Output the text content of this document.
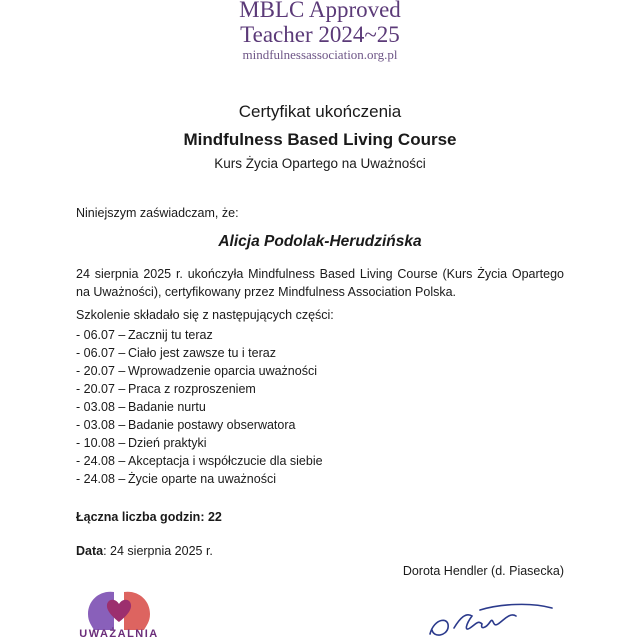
MBLC Approved
Teacher 2024~25
mindfulnessassociation.org.pl
Certyfikat ukończenia
Mindfulness Based Living Course
Kurs Życia Opartego na Uważności
Niniejszym zaświadczam, że:
Alicja Podolak-Herudzińska
24 sierpnia 2025 r. ukończyła Mindfulness Based Living Course (Kurs Życia Opartego na Uważności), certyfikowany przez Mindfulness Association Polska.
Szkolenie składało się z następujących części:
- 06.07 – Zacznij tu teraz
- 06.07 – Ciało jest zawsze tu i teraz
- 20.07 – Wprowadzenie oparcia uważności
- 20.07 – Praca z rozproszeniem
- 03.08 – Badanie nurtu
- 03.08 – Badanie postawy obserwatora
- 10.08 – Dzień praktyki
- 24.08 – Akceptacja i współczucie dla siebie
- 24.08 – Życie oparte na uważności
Łączna liczba godzin: 22
Data: 24 sierpnia 2025 r.
Dorota Hendler (d. Piasecka)
UWAŻALNIA
